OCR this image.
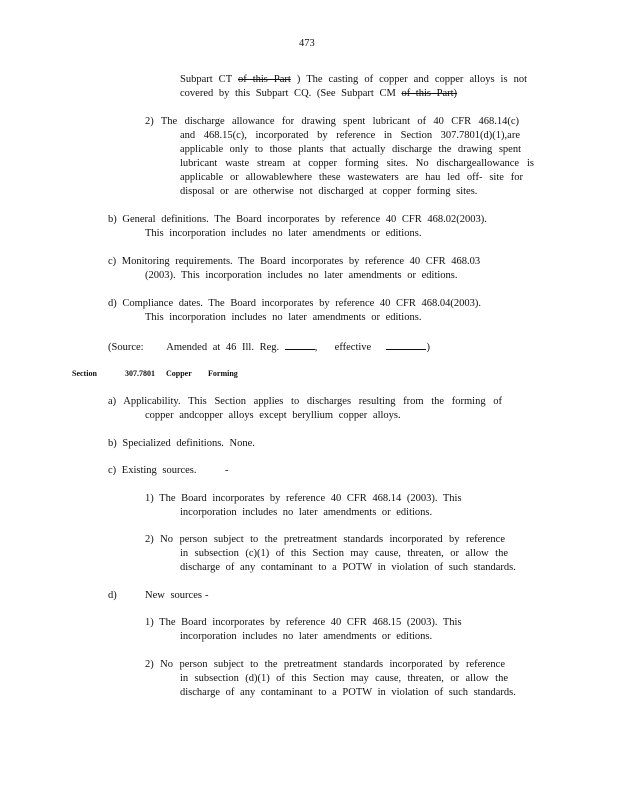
473
Subpart CT of this Part ) The casting of copper and copper alloys is not
covered by this Subpart CQ. (See Subpart CM of this Part)
2) The discharge allowance for drawing spent lubricant of 40 CFR 468.14(c)
and 468.15(c), incorporated by reference in Section 307.7801(d)(1),are
applicable only to those plants that actually discharge the drawing spent
lubricant waste stream at copper forming sites. No dischargeallowance is
applicable or allowablewhere these wastewaters are hau led off- site for
disposal or are otherwise not discharged at copper forming sites.
b) General definitions. The Board incorporates by reference 40 CFR 468.02(2003).
This incorporation includes no later amendments or editions.
c) Monitoring requirements. The Board incorporates by reference 40 CFR 468.03
(2003). This incorporation includes no later amendments or editions.
d) Compliance dates. The Board incorporates by reference 40 CFR 468.04(2003).
This incorporation includes no later amendments or editions.
(Source: Amended at 46 Ill. Reg.	, effective	)
Section	307.7801 Copper Forming
a) Applicability. This Section applies to discharges resulting from the forming of
copper andcopper alloys except beryllium copper alloys.
b) Specialized definitions. None.
c) Existing sources.	-
1) The Board incorporates by reference 40 CFR 468.14 (2003). This
incorporation includes no later amendments or editions.
2) No person subject to the pretreatment standards incorporated by reference
in subsection (c)(1) of this Section may cause, threaten, or allow the
discharge of any contaminant to a POTW in violation of such standards.
d)	New sources -
1) The Board incorporates by reference 40 CFR 468.15 (2003). This
incorporation includes no later amendments or editions.
2) No person subject to the pretreatment standards incorporated by reference
in subsection (d)(1) of this Section may cause, threaten, or allow the
discharge of any contaminant to a POTW in violation of such standards.
